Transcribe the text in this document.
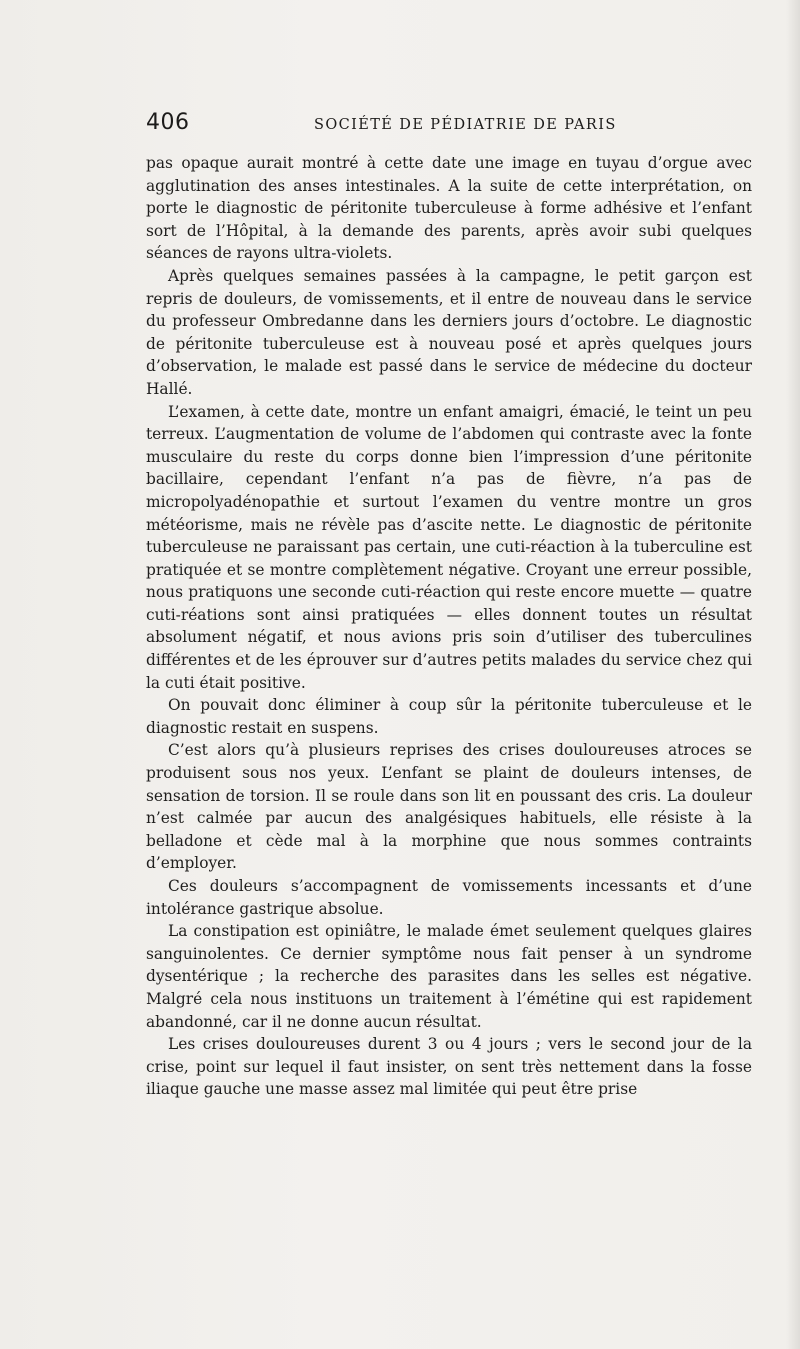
406	SOCIÉTÉ DE PÉDIATRIE DE PARIS

pas opaque aurait montré à cette date une image en tuyau d’orgue avec agglutination des anses intestinales. A la suite de cette interprétation, on porte le diagnostic de péritonite tuberculeuse à forme adhésive et l’enfant sort de l’Hôpital, à la demande des parents, après avoir subi quelques séances de rayons ultra-violets.

Après quelques semaines passées à la campagne, le petit garçon est repris de douleurs, de vomissements, et il entre de nouveau dans le service du professeur Ombredanne dans les derniers jours d’octobre. Le diagnostic de péritonite tuberculeuse est à nouveau posé et après quelques jours d’observation, le malade est passé dans le service de médecine du docteur Hallé.

L’examen, à cette date, montre un enfant amaigri, émacié, le teint un peu terreux. L’augmentation de volume de l’abdomen qui contraste avec la fonte musculaire du reste du corps donne bien l’impression d’une péritonite bacillaire, cependant l’enfant n’a pas de fièvre, n’a pas de micropolyadénopathie et surtout l’examen du ventre montre un gros météorisme, mais ne révèle pas d’ascite nette. Le diagnostic de péritonite tuberculeuse ne paraissant pas certain, une cuti-réaction à la tuberculine est pratiquée et se montre complètement négative. Croyant une erreur possible, nous pratiquons une seconde cuti-réaction qui reste encore muette — quatre cuti-réations sont ainsi pratiquées — elles donnent toutes un résultat absolument négatif, et nous avions pris soin d’utiliser des tuberculines différentes et de les éprouver sur d’autres petits malades du service chez qui la cuti était positive.

On pouvait donc éliminer à coup sûr la péritonite tuberculeuse et le diagnostic restait en suspens.

C’est alors qu’à plusieurs reprises des crises douloureuses atroces se produisent sous nos yeux. L’enfant se plaint de douleurs intenses, de sensation de torsion. Il se roule dans son lit en poussant des cris. La douleur n’est calmée par aucun des analgésiques habituels, elle résiste à la belladone et cède mal à la morphine que nous sommes contraints d’employer.

Ces douleurs s’accompagnent de vomissements incessants et d’une intolérance gastrique absolue.

La constipation est opiniâtre, le malade émet seulement quelques glaires sanguinolentes. Ce dernier symptôme nous fait penser à un syndrome dysentérique ; la recherche des parasites dans les selles est négative. Malgré cela nous instituons un traitement à l’émétine qui est rapidement abandonné, car il ne donne aucun résultat.

Les crises douloureuses durent 3 ou 4 jours ; vers le second jour de la crise, point sur lequel il faut insister, on sent très nettement dans la fosse iliaque gauche une masse assez mal limitée qui peut être prise
